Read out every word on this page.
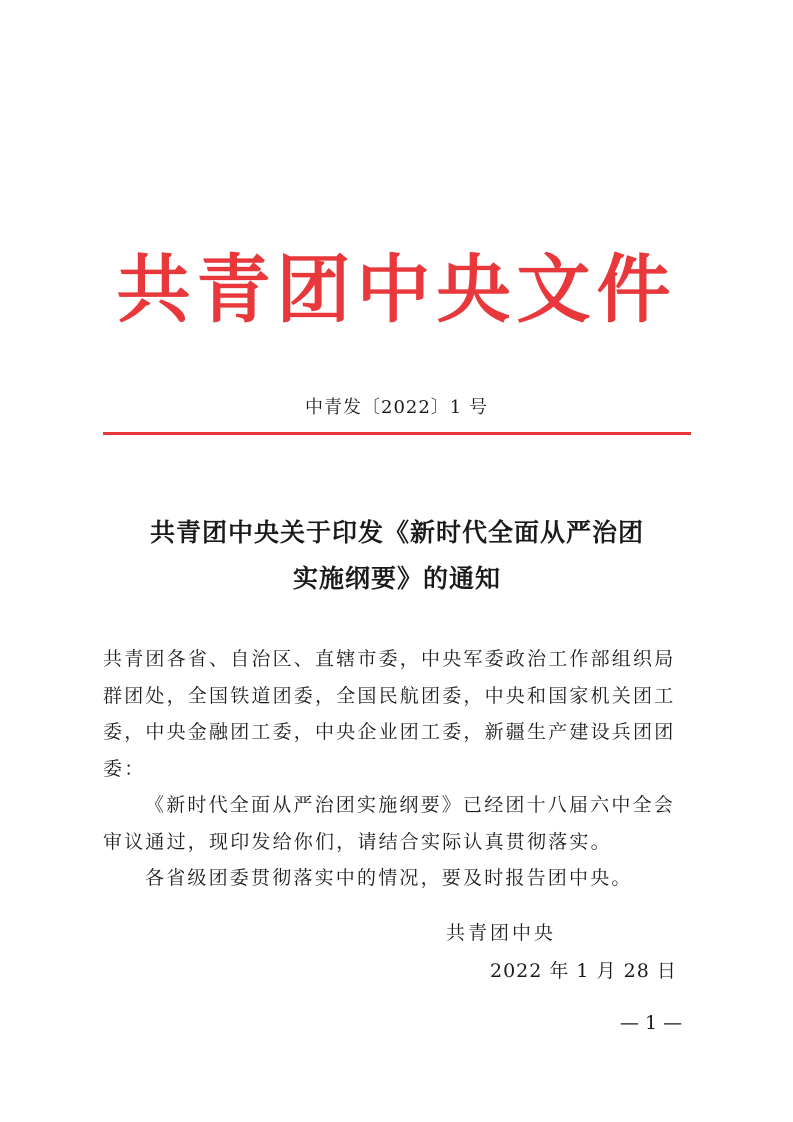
共青团中央文件
中青发〔2022〕1 号
共青团中央关于印发《新时代全面从严治团
实施纲要》的通知

共青团各省、自治区、直辖市委，中央军委政治工作部组织局群团处，全国铁道团委，全国民航团委，中央和国家机关团工委，中央金融团工委，中央企业团工委，新疆生产建设兵团团委：

《新时代全面从严治团实施纲要》已经团十八届六中全会审议通过，现印发给你们，请结合实际认真贯彻落实。

各省级团委贯彻落实中的情况，要及时报告团中央。

共青团中央
2022 年 1 月 28 日
— 1 —
